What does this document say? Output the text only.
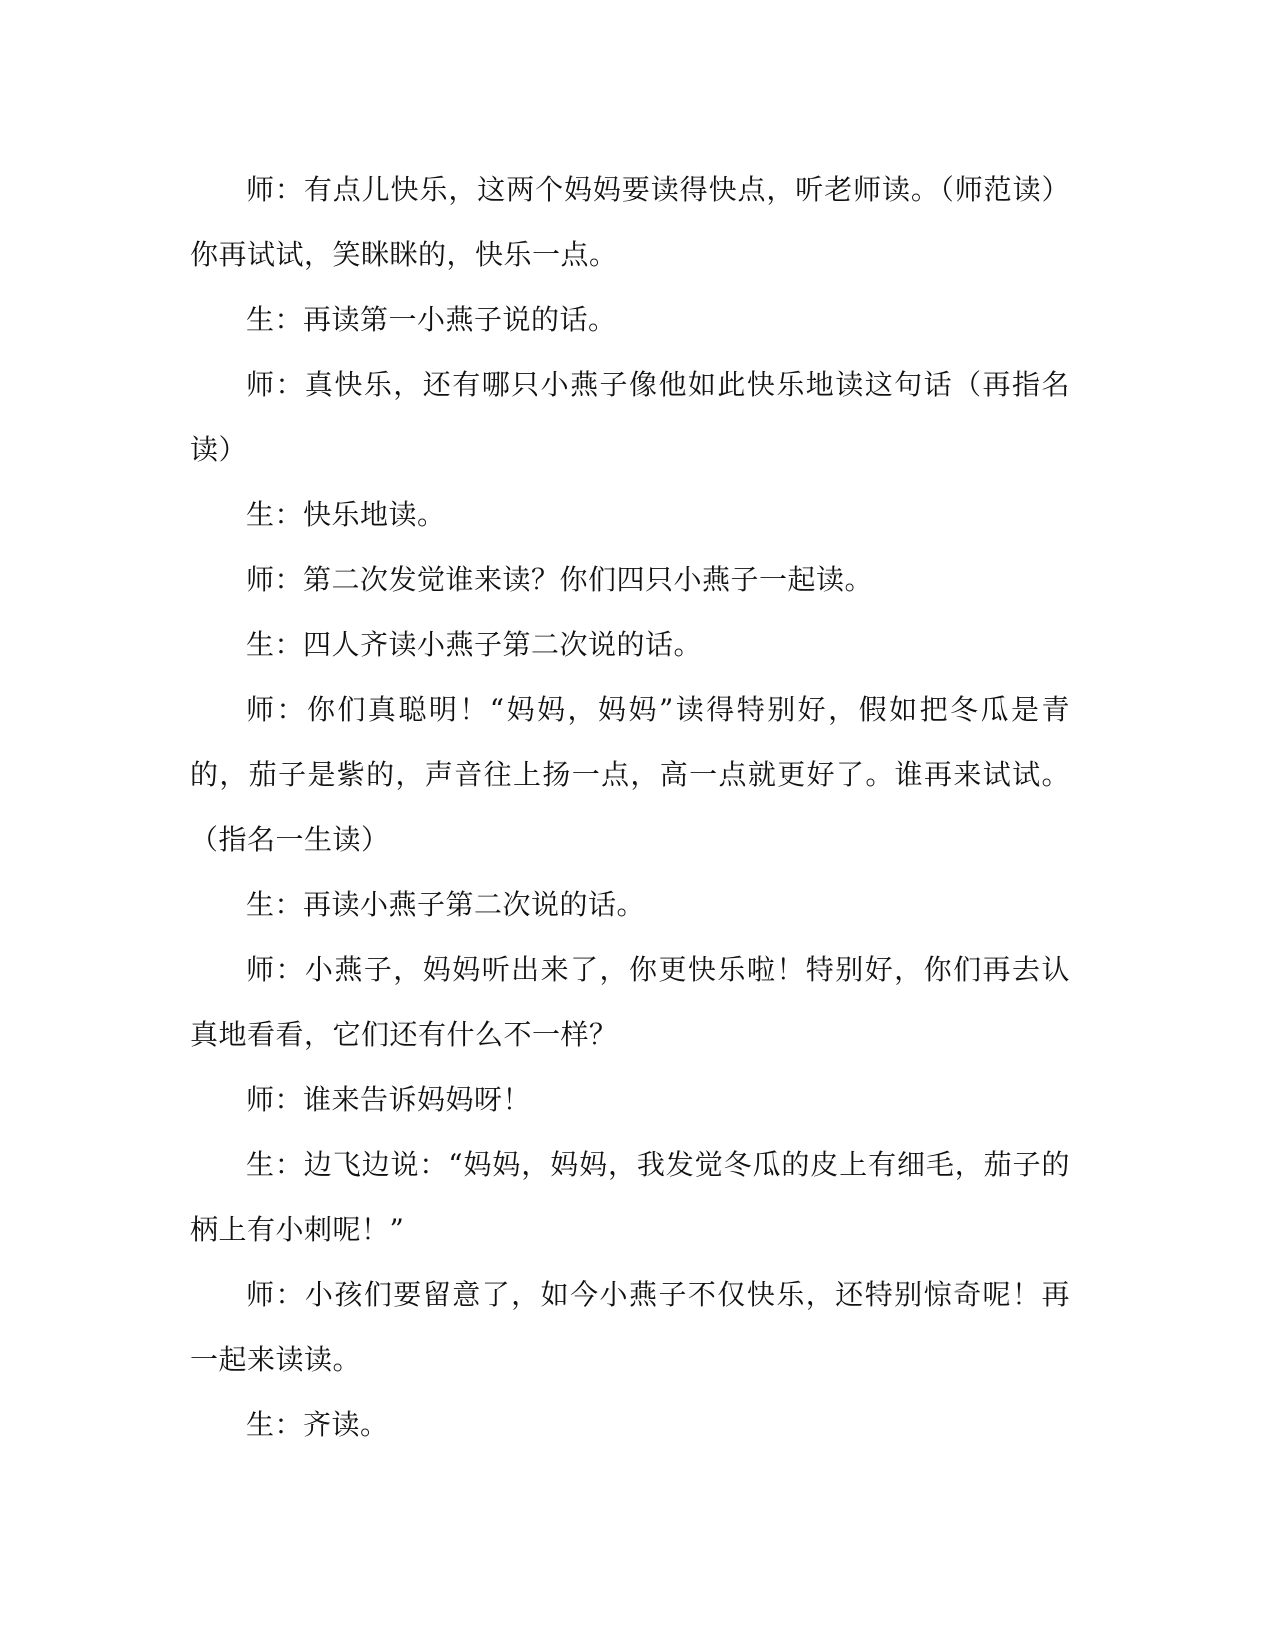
师：有点儿快乐，这两个妈妈要读得快点，听老师读。（师范读）你再试试，笑眯眯的，快乐一点。

生：再读第一小燕子说的话。

师：真快乐，还有哪只小燕子像他如此快乐地读这句话（再指名读）

生：快乐地读。

师：第二次发觉谁来读？你们四只小燕子一起读。

生：四人齐读小燕子第二次说的话。

师：你们真聪明！“妈妈，妈妈”读得特别好，假如把冬瓜是青的，茄子是紫的，声音往上扬一点，高一点就更好了。谁再来试试。（指名一生读）

生：再读小燕子第二次说的话。

师：小燕子，妈妈听出来了，你更快乐啦！特别好，你们再去认真地看看，它们还有什么不一样？

师：谁来告诉妈妈呀！

生：边飞边说：“妈妈，妈妈，我发觉冬瓜的皮上有细毛，茄子的柄上有小刺呢！”

师：小孩们要留意了，如今小燕子不仅快乐，还特别惊奇呢！再一起来读读。

生：齐读。
